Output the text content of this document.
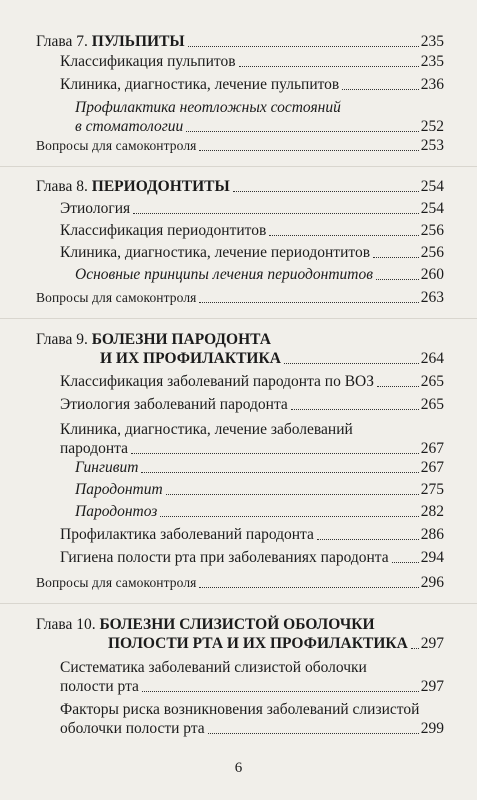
Глава 7. ПУЛЬПИТЫ	235
Классификация пульпитов	235
Клиника, диагностика, лечение пульпитов	236
Профилактика неотложных состояний
в стоматологии	252
Вопросы для самоконтроля	253
Глава 8. ПЕРИОДОНТИТЫ	254
Этиология	254
Классификация периодонтитов	256
Клиника, диагностика, лечение периодонтитов	256
Основные принципы лечения периодонтитов	260
Вопросы для самоконтроля	263
Глава 9. БОЛЕЗНИ ПАРОДОНТА
И ИХ ПРОФИЛАКТИКА	264
Классификация заболеваний пародонта по ВОЗ	265
Этиология заболеваний пародонта	265
Клиника, диагностика, лечение заболеваний
пародонта	267
Гингивит	267
Пародонтит	275
Пародонтоз	282
Профилактика заболеваний пародонта	286
Гигиена полости рта при заболеваниях пародонта 294
Вопросы для самоконтроля	296
Глава 10. БОЛЕЗНИ СЛИЗИСТОЙ ОБОЛОЧКИ
ПОЛОСТИ РТА И ИХ ПРОФИЛАКТИКА 297
Систематика заболеваний слизистой оболочки
полости рта	297
Факторы риска возникновения заболеваний слизистой
оболочки полости рта	299
6
